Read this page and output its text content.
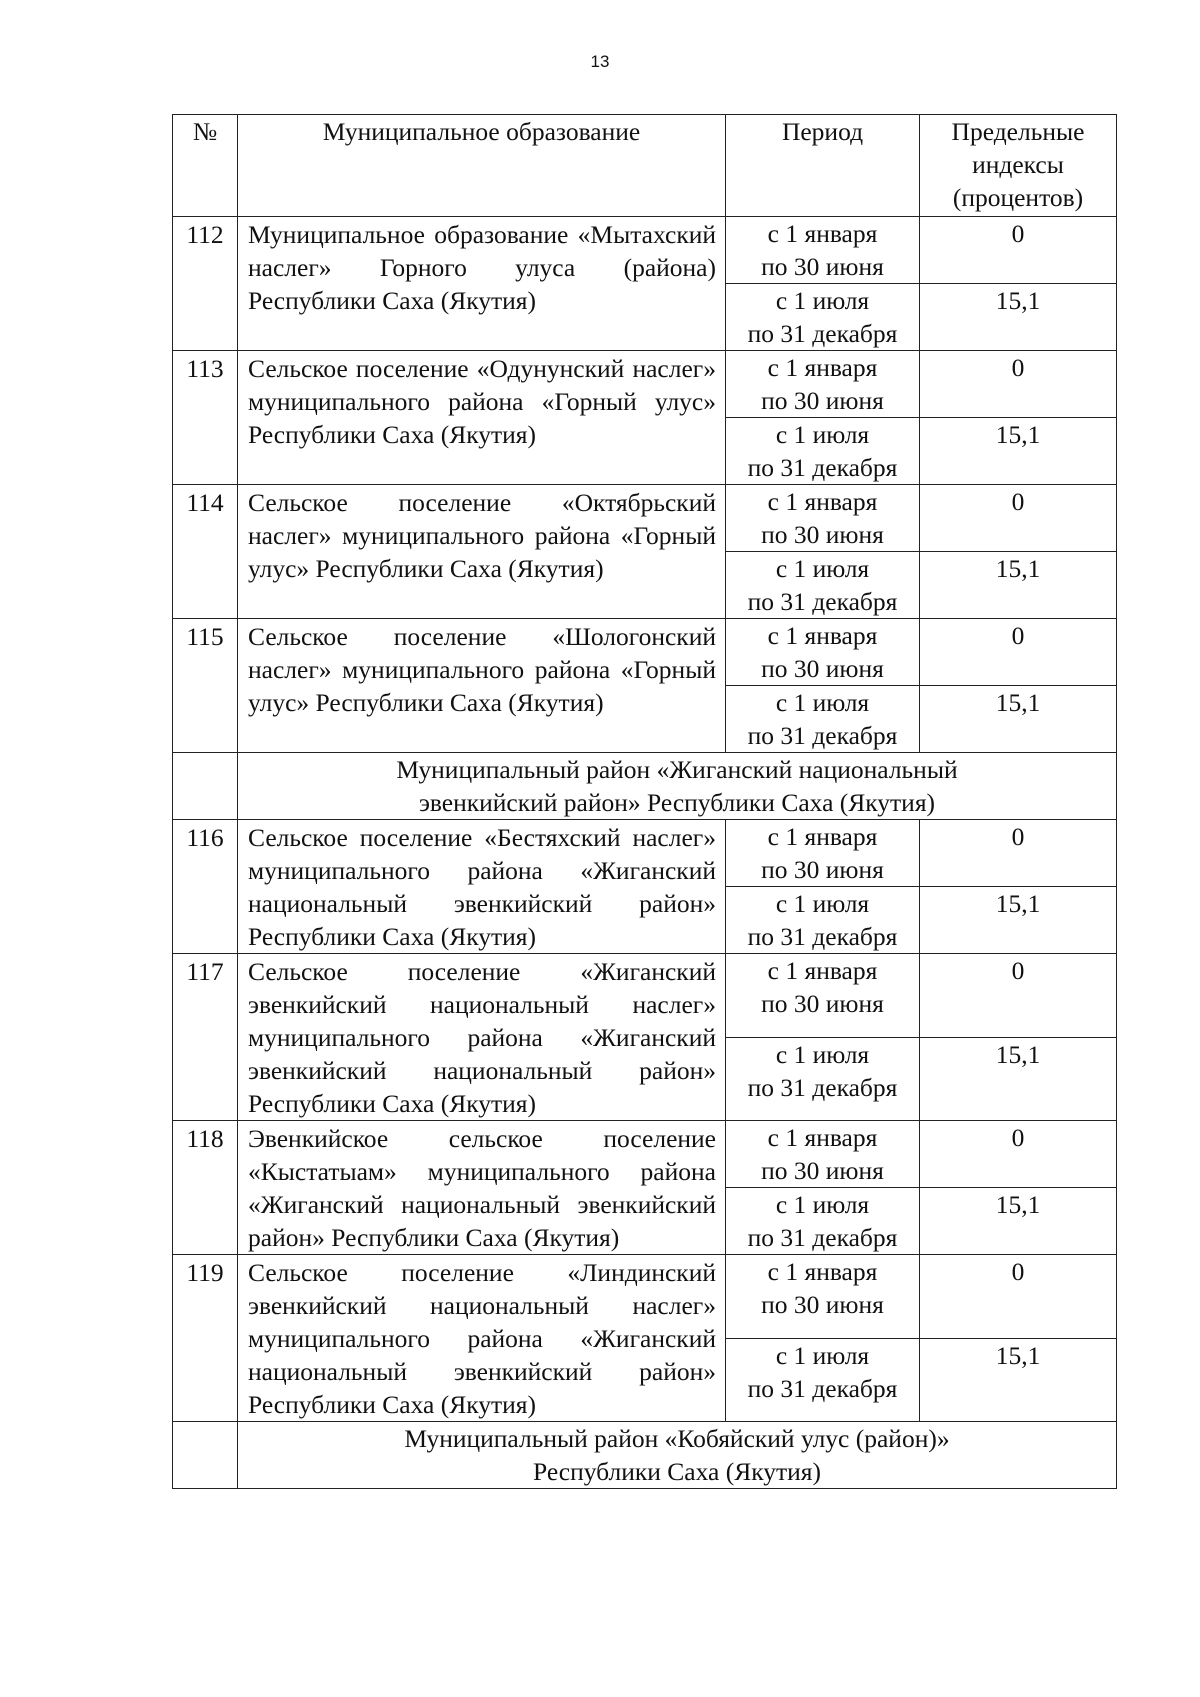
13
№	Муниципальное образование	Период	Предельные
индексы
(процентов)

112	Муниципальное образование «Мытахский наслег» Горного улуса (района) Республики Саха (Якутия)	с 1 января
по 30 июня	0

		с 1 июля
по 31 декабря	15,1
113	Сельское поселение «Одунунский наслег» муниципального района «Горный улус» Республики Саха (Якутия)	с 1 января
по 30 июня	0

		с 1 июля
по 31 декабря	15,1
114	Сельское поселение «Октябрьский наслег» муниципального района «Горный улус» Республики Саха (Якутия)	с 1 января
по 30 июня	0

		с 1 июля
по 31 декабря	15,1
115	Сельское поселение «Шологонский наслег» муниципального района «Горный улус» Республики Саха (Якутия)	с 1 января
по 30 июня	0

		с 1 июля
по 31 декабря	15,1

	Муниципальный район «Жиганский национальный
эвенкийский район» Республики Саха (Якутия)		

116	Сельское поселение «Бестяхский наслег» муниципального района «Жиганский национальный эвенкийский район» Республики Саха (Якутия)	с 1 января
по 30 июня	0

		с 1 июля
по 31 декабря	15,1
117	Сельское поселение «Жиганский эвенкийский национальный наслег» муниципального района «Жиганский эвенкийский национальный район» Республики Саха (Якутия)	с 1 января
по 30 июня	0

		с 1 июля
по 31 декабря	15,1
118	Эвенкийское сельское поселение «Кыстатыам» муниципального района «Жиганский национальный эвенкийский район» Республики Саха (Якутия)	с 1 января
по 30 июня	0

		с 1 июля
по 31 декабря	15,1
119	Сельское поселение «Линдинский эвенкийский национальный наслег» муниципального района «Жиганский национальный эвенкийский район» Республики Саха (Якутия)	с 1 января
по 30 июня	0

		с 1 июля
по 31 декабря	15,1

	Муниципальный район «Кобяйский улус (район)»
Республики Саха (Якутия)		
